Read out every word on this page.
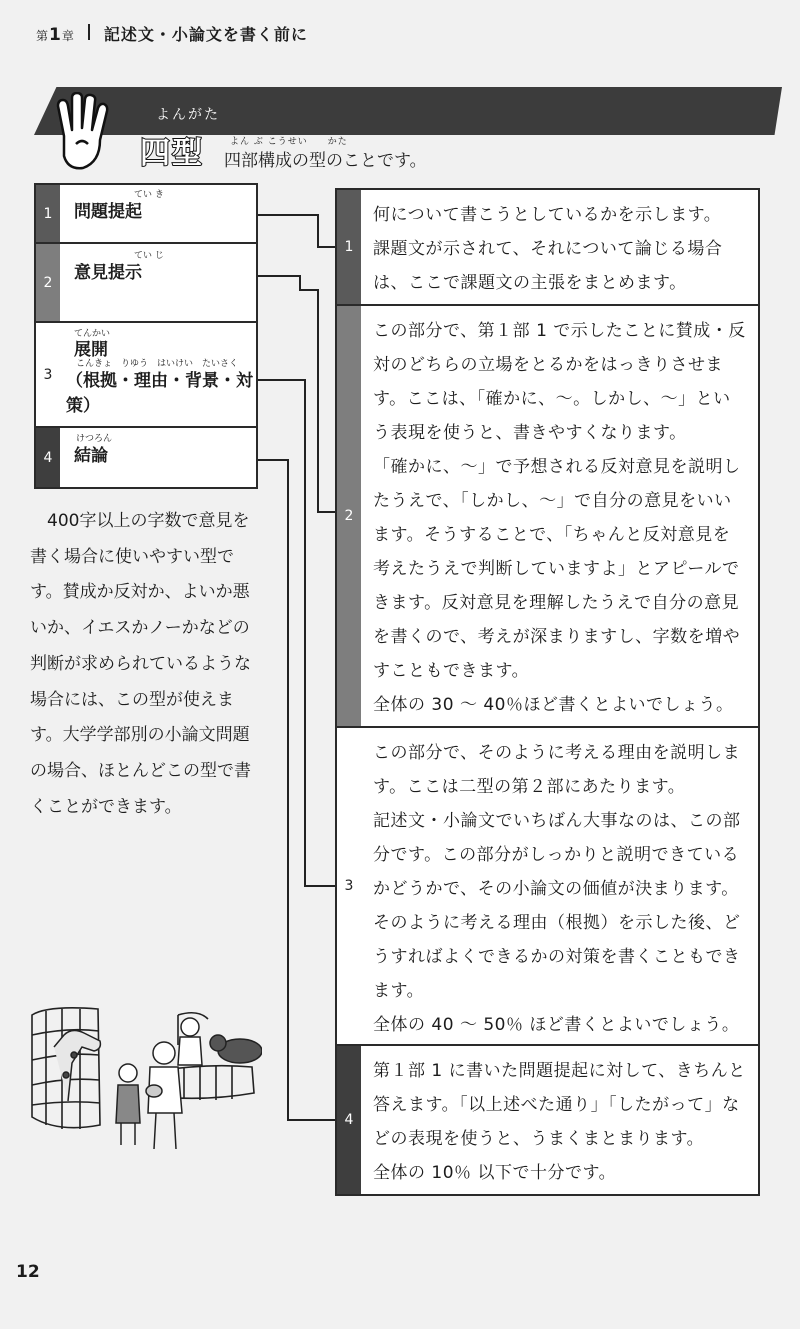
第 1 章 記述文・小論文を書く前に
よんがた
四型	よん ぶ こうせい　　かた
四部構成の型のことです。
1
てい き
問題提起
2
てい じ
意見提示
3
てんかい
展開
こんきょ　りゆう　はいけい　たいさく
（根拠・理由・背景・対策）
4
けつろん
結論
400字以上の字数で意見を書く場合に使いやすい型です。賛成か反対か、よいか悪いか、イエスかノーかなどの判断が求められているような場合には、この型が使えます。大学学部別の小論文問題の場合、ほとんどこの型で書くことができます。
1

何について書こうとしているかを示します。

課題文が示されて、それについて論じる場合は、ここで課題文の主張をまとめます。

2

この部分で、第１部 1 で示したことに賛成・反対のどちらの立場をとるかをはっきりさせます。ここは、「確かに、～。しかし、～」という表現を使うと、書きやすくなります。

「確かに、～」で予想される反対意見を説明したうえで、「しかし、～」で自分の意見をいいます。そうすることで、「ちゃんと反対意見を考えたうえで判断していますよ」とアピールできます。反対意見を理解したうえで自分の意見を書くので、考えが深まりますし、字数を増やすこともできます。

全体の 30 ～ 40％ほど書くとよいでしょう。

3

この部分で、そのように考える理由を説明します。ここは二型の第２部にあたります。

記述文・小論文でいちばん大事なのは、この部分です。この部分がしっかりと説明できているかどうかで、その小論文の価値が決まります。そのように考える理由（根拠）を示した後、どうすればよくできるかの対策を書くこともできます。

全体の 40 ～ 50％ ほど書くとよいでしょう。

4

第１部 1 に書いた問題提起に対して、きちんと答えます。「以上述べた通り」「したがって」などの表現を使うと、うまくまとまります。

全体の 10％ 以下で十分です。

12
